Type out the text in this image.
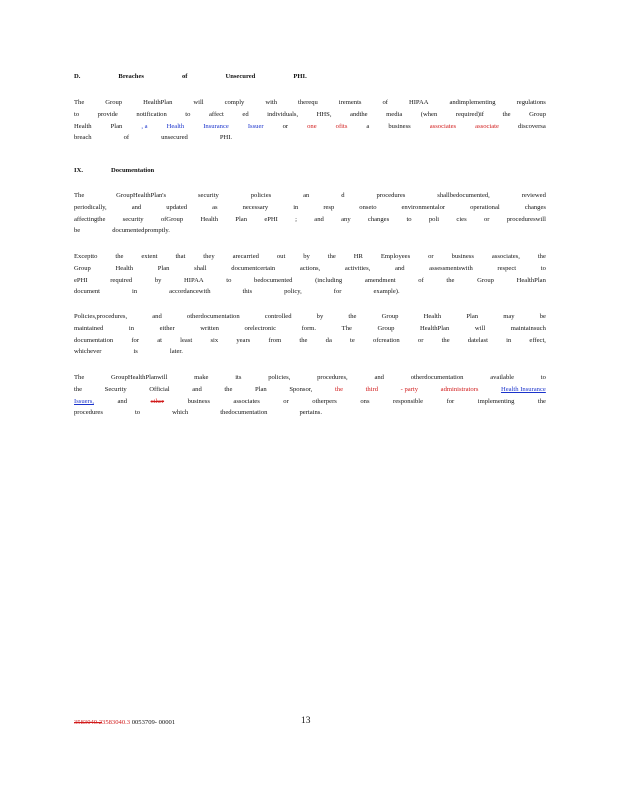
D.	Breaches	of	Unsecured	PHI.
The	Group	HealthPlan	will	comply	with	therequ	irements	of	HIPAA	andimplementing	regulations
to	provide	notification	to	affect	ed	individuals,	HHS,	andthe	media	(when	required)if	the	Group
Health	Plan	, a	Health	Insurance	Issuer	or	one	ofits	a	business	associates	associate	discoversa
breach	of	unsecured	PHI.
IX.	Documentation
The	GroupHealthPlan's	security	policies	an	d	procedures	shallbedocumented,	reviewed
periodically,	and	updated	as	necessary	in	resp	onseto	environmentalor	operational	changes
affectingthe	security	ofGroup	Health	Plan	ePHI	;	and	any	changes	to	poli	cies	or	procedureswill
be	documentedpromptly.
Exceptto	the	extent	that	they	arecarried	out	by	the	HR	Employees	or	business	associates,	the
Group	Health	Plan	shall	documentcertain	actions,	activities,	and	assessmentswith	respect	to
ePHI	required	by	HIPAA	to	bedocumented	(including	amendment	of	the	Group	HealthPlan
document	in	accordancewith	this	policy,	for	example).
Policies,procedures,	and	otherdocumentation	controlled	by	the	Group	Health	Plan	may	be
maintained	in	either	written	orelectronic	form.	The	Group	HealthPlan	will	maintainsuch
documentation	for	at	least	six	years	from	the	da	te	ofcreation	or	the	datelast	in	effect,
whichever	is	later.
The	GroupHealthPlanwill	make	its	policies,	procedures,	and	otherdocumentation	available	to
the	Security	Official	and	the	Plan	Sponsor,	the	third	- party	administrators	Health Insurance
Issuers,	and	other	business	associates	or	otherpers	ons	responsible	for	implementing	the
procedures	to	which	thedocumentation	pertains.
3583040.23583040.3 0053709- 00001	13
